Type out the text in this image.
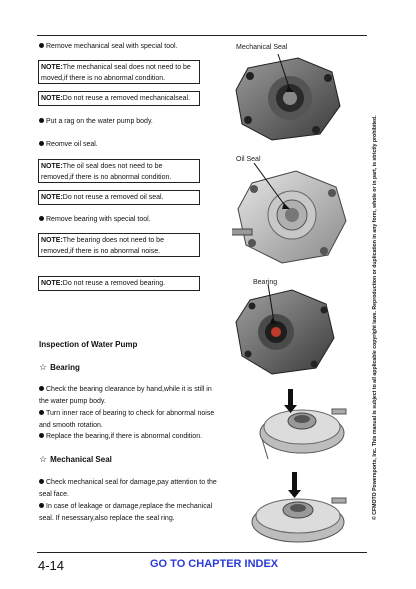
Remove mechanical seal with special tool.
NOTE:The mechanical seal does not need to be moved,if there is no abnormal condition.
NOTE:Do not reuse a removed mechanicalseal.
Put a rag on the water pump body.
Reomve oil seal.
NOTE:The oil seal does not need to be removed,if there is no abnormal condition.
NOTE:Do not reuse a removed oil seal.
Remove bearing with special tool.
NOTE:The bearing does not need to be removed,if there is no abnormal noise.
NOTE:Do not reuse a removed bearing.
Inspection of Water Pump
☆ Bearing
Check the bearing clearance by hand,while it is still in the water pump body.
Turn inner race of bearing to check for abnormal noise and smooth rotation.
Replace the bearing,if there is abnormal condition.
☆ Mechanical Seal
Check mechanical seal for damage,pay attention to the seal face.
In case of leakage or damage,replace the mechanical seal. If nesessary,also replace the seal ring.
Mechanical Seal
Oil Seal
Bearing
4-14	GO TO CHAPTER INDEX
© CFMOTO Powersports, Inc. This manual is subject to all applicable copyright laws. Reproduction or duplication in any form, whole or in part, is strictly prohibited.
